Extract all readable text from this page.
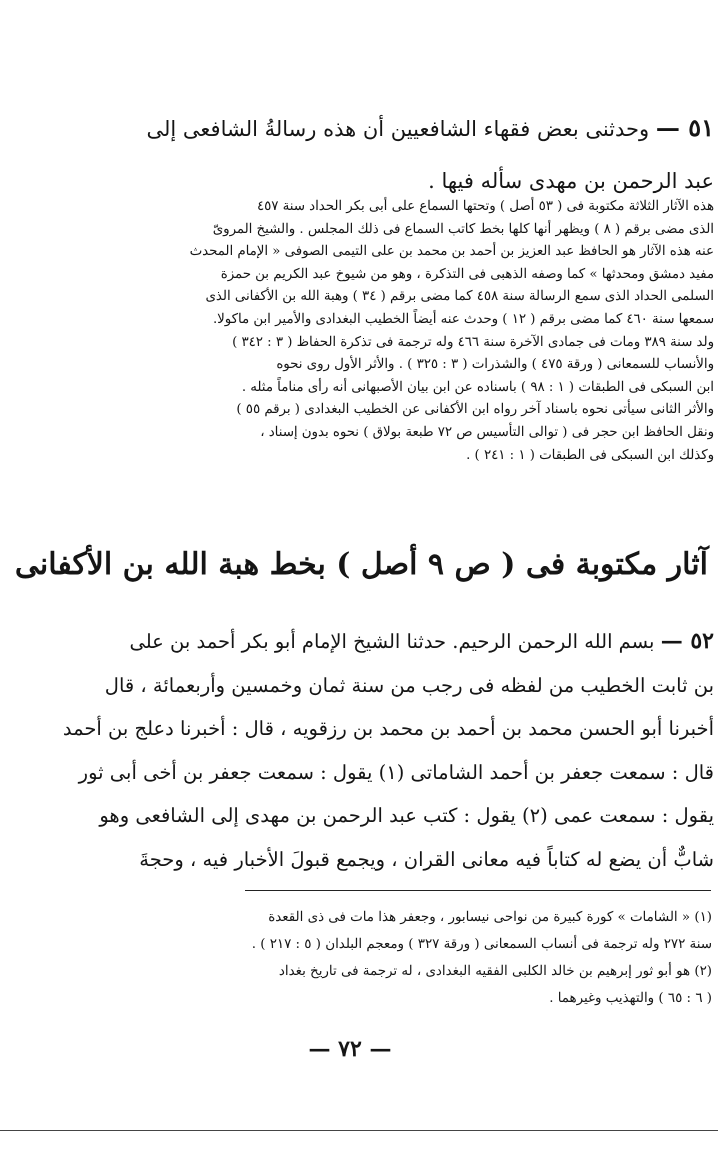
٥١ — وحدثنى بعض فقهاء الشافعيين أن هذه رسالةُ الشافعى إلى
عبد الرحمن بن مهدى سأله فيها .
هذه الآثار الثلاثة مكتوبة فى ( ٥٣ أصل ) وتحتها السماع على أبى بكر الحداد سنة ٤٥٧
الذى مضى برقم ( ٨ ) ويظهر أنها كلها بخط كاتب السماع فى ذلك المجلس . والشيخ المروىّ
عنه هذه الآثار هو الحافظ عبد العزيز بن أحمد بن محمد بن على التيمى الصوفى « الإمام المحدث
مفيد دمشق ومحدثها » كما وصفه الذهبى فى التذكرة ، وهو من شيوخ عبد الكريم بن حمزة
السلمى الحداد الذى سمع الرسالة سنة ٤٥٨ كما مضى برقم ( ٣٤ ) وهبة الله بن الأكفانى الذى
سمعها سنة ٤٦٠ كما مضى برقم ( ١٢ ) وحدث عنه أيضاً الخطيب البغدادى والأمير ابن ماكولا.
ولد سنة ٣٨٩ ومات فى جمادى الآخرة سنة ٤٦٦ وله ترجمة فى تذكرة الحفاظ ( ٣ : ٣٤٢ )
والأنساب للسمعانى ( ورقة ٤٧٥ ) والشذرات ( ٣ : ٣٢٥ ) . والأثر الأول روى نحوه
ابن السبكى فى الطبقات ( ١ : ٩٨ ) باسناده عن ابن بيان الأصبهانى أنه رأى مناماً مثله .
والأثر الثانى سيأتى نحوه باسناد آخر رواه ابن الأكفانى عن الخطيب البغدادى ( برقم ٥٥ )
ونقل الحافظ ابن حجر فى ( توالى التأسيس ص ٧٢ طبعة بولاق ) نحوه بدون إسناد ،
وكذلك ابن السبكى فى الطبقات ( ١ : ٢٤١ ) .
آثار مكتوبة فى ( ص ٩ أصل ) بخط هبة الله بن الأكفانى
٥٢ — بسم الله الرحمن الرحيم. حدثنا الشيخ الإمام أبو بكر أحمد بن على
بن ثابت الخطيب من لفظه فى رجب من سنة ثمان وخمسين وأربعمائة ، قال
أخبرنا أبو الحسن محمد بن أحمد بن محمد بن رزقويه ، قال : أخبرنا دعلج بن أحمد
قال : سمعت جعفر بن أحمد الشاماتى (١) يقول : سمعت جعفر بن أخى أبى ثور
يقول : سمعت عمى (٢) يقول : كتب عبد الرحمن بن مهدى إلى الشافعى وهو
شابٌّ أن يضع له كتاباً فيه معانى القران ، ويجمع قبولَ الأخبار فيه ، وحجةَ
(١) « الشامات » كورة كبيرة من نواحى نيسابور ، وجعفر هذا مات فى ذى القعدة
سنة ٢٧٢ وله ترجمة فى أنساب السمعانى ( ورقة ٣٢٧ ) ومعجم البلدان ( ٥ : ٢١٧ ) .
(٢) هو أبو ثور إبرهيم بن خالد الكلبى الفقيه البغدادى ، له ترجمة فى تاريخ بغداد
( ٦ : ٦٥ ) والتهذيب وغيرهما .
— ٧٢ —
